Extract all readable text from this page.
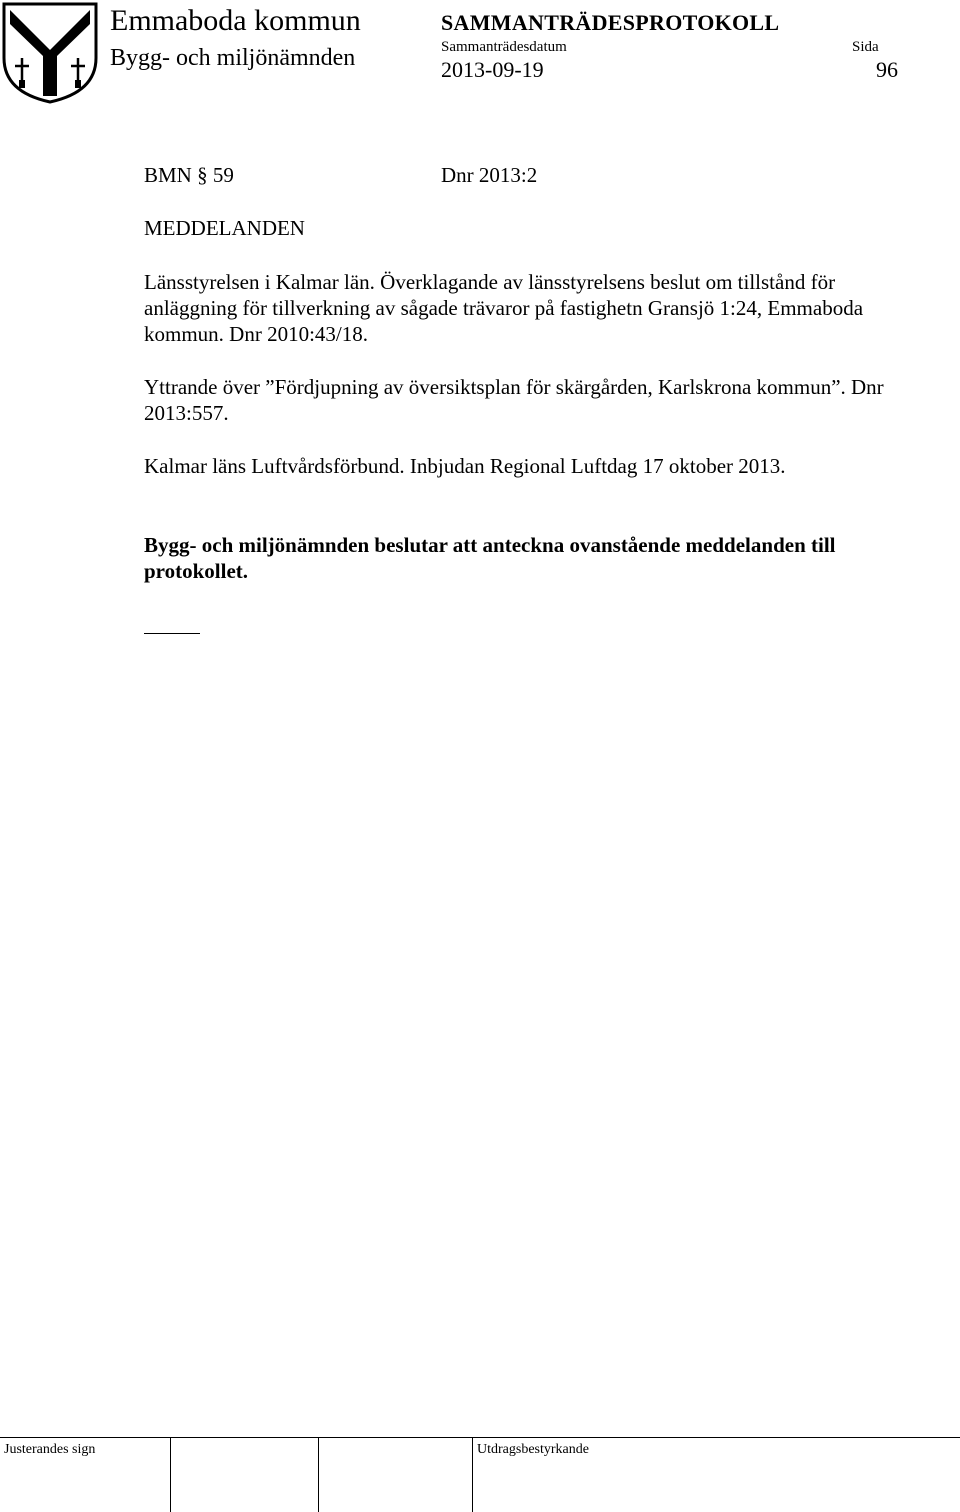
Emmaboda kommun
Bygg- och miljönämnden
SAMMANTRÄDESPROTOKOLL
Sammanträdesdatum	Sida
2013-09-19	96
BMN § 59	Dnr 2013:2
MEDDELANDEN

Länsstyrelsen i Kalmar län. Överklagande av länsstyrelsens beslut om tillstånd för anläggning för tillverkning av sågade trävaror på fastighetn Gransjö 1:24, Emmaboda kommun. Dnr 2010:43/18.

Yttrande över ”Fördjupning av översiktsplan för skärgården, Karlskrona kommun”. Dnr 2013:557.

Kalmar läns Luftvårdsförbund. Inbjudan Regional Luftdag 17 oktober 2013.

Bygg- och miljönämnden beslutar att anteckna ovanstående meddelanden till protokollet.

Justerandes sign	Utdragsbestyrkande
